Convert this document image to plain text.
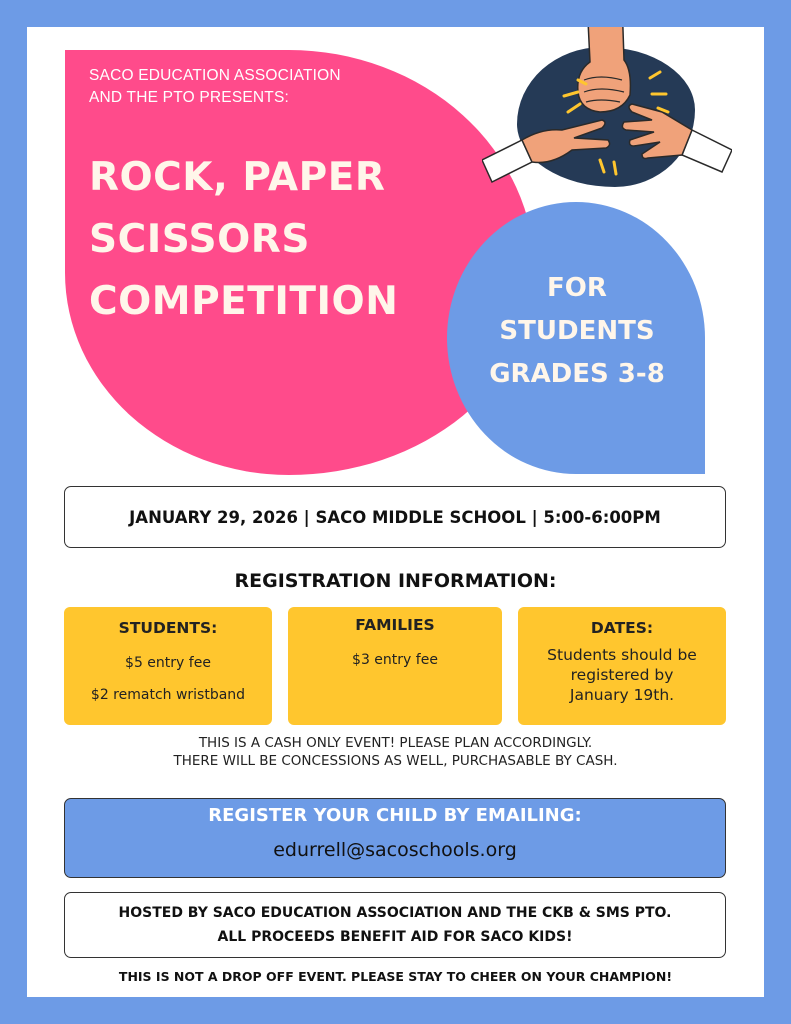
SACO EDUCATION ASSOCIATION
AND THE PTO PRESENTS:
ROCK, PAPER
SCISSORS
COMPETITION	FOR
STUDENTS
GRADES 3-8
JANUARY 29, 2026 | SACO MIDDLE SCHOOL | 5:00-6:00PM
REGISTRATION INFORMATION:
STUDENTS:
$5 entry fee
$2 rematch wristband
FAMILIES
$3 entry fee
DATES:
Students should be
registered by
January 19th.
THIS IS A CASH ONLY EVENT! PLEASE PLAN ACCORDINGLY.
THERE WILL BE CONCESSIONS AS WELL, PURCHASABLE BY CASH.
REGISTER YOUR CHILD BY EMAILING:
edurrell@sacoschools.org
HOSTED BY SACO EDUCATION ASSOCIATION AND THE CKB & SMS PTO.
ALL PROCEEDS BENEFIT AID FOR SACO KIDS!
THIS IS NOT A DROP OFF EVENT. PLEASE STAY TO CHEER ON YOUR CHAMPION!
